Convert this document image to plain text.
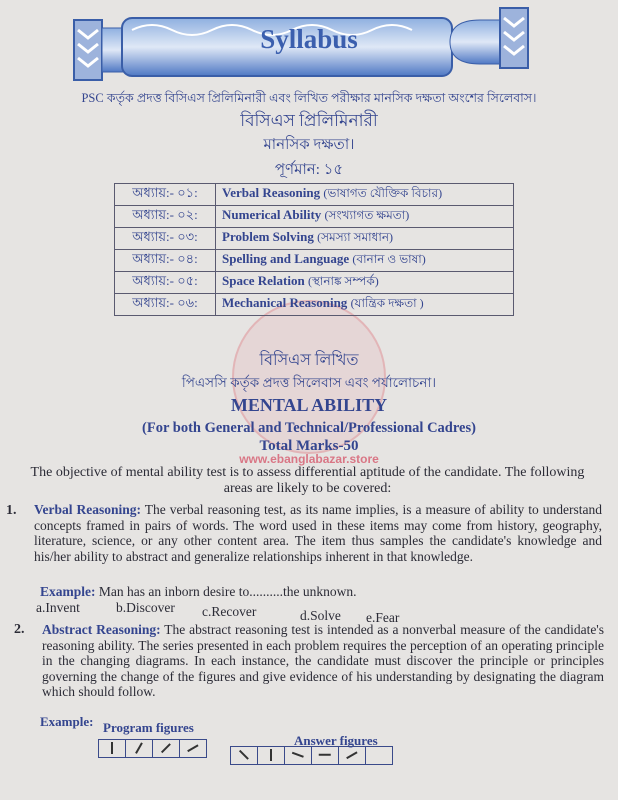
Syllabus
www.ebanglabazar.store
PSC কর্তৃক প্রদত্ত বিসিএস প্রিলিমিনারী এবং লিখিত পরীক্ষার মানসিক দক্ষতা অংশের সিলেবাস।
বিসিএস প্রিলিমিনারী
মানসিক দক্ষতা।
পূর্ণমান: ১৫
অধ্যায়:- ০১:	Verbal Reasoning (ভাষাগত যৌক্তিক বিচার)
অধ্যায়:- ০২:	Numerical Ability (সংখ্যাগত ক্ষমতা)
অধ্যায়:- ০৩:	Problem Solving (সমস্যা সমাধান)
অধ্যায়:- ০৪:	Spelling and Language (বানান ও ভাষা)
অধ্যায়:- ০৫:	Space Relation (স্থানাঙ্ক সম্পর্ক)
অধ্যায়:- ০৬:	Mechanical Reasoning (যান্ত্রিক দক্ষতা )
বিসিএস লিখিত
পিএসসি কর্তৃক প্রদত্ত সিলেবাস এবং পর্যালোচনা।
MENTAL ABILITY
(For both General and Technical/Professional Cadres)
Total Marks-50
The objective of mental ability test is to assess differential aptitude of the candidate. The following areas are likely to be covered:
1. Verbal Reasoning: The verbal reasoning test, as its name implies, is a measure of ability to understand concepts framed in pairs of words. The word used in these items may come from history, geography, literature, science, or any other content area. The item thus samples the candidate's knowledge and his/her ability to abstract and generalize relationships inherent in that knowledge.
Example: Man has an inborn desire to..........the unknown.
a.Invent	b.Discover c.Recover	d.Solve e.Fear
2. Abstract Reasoning: The abstract reasoning test is intended as a nonverbal measure of the candidate's reasoning ability. The series presented in each problem requires the perception of an operating principle in the changing diagrams. In each instance, the candidate must discover the principle or principles governing the change of the figures and give evidence of his understanding by designating the diagram which should follow.
Example: Program figures
Answer figures
